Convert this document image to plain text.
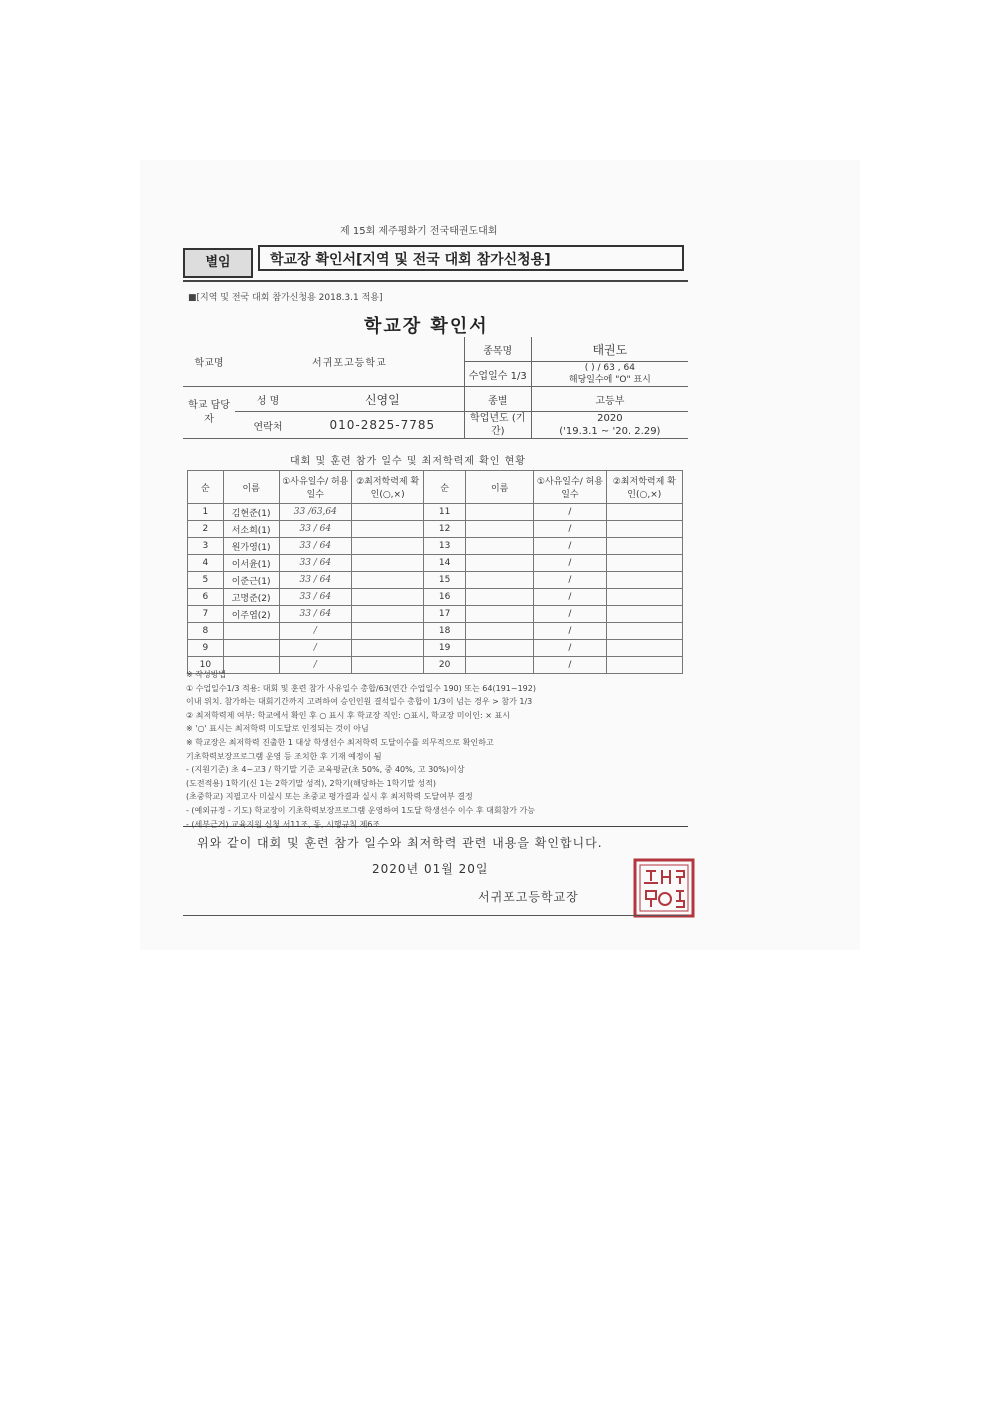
제 15회 제주평화기 전국태권도대회
별임	학교장 확인서[지역 및 전국 대회 참가신청용]
■[지역 및 전국 대회 참가신청용 2018.3.1 적용]
학교장 확인서
학교명	서귀포고등학교		종목명	태권도
			수업일수 1/3	( ) / 63 , 64
해당일수에 "O" 표시

학교 담당자	성 명	신영일	종별	고등부
	연락처	010-2825-7785	학업년도 (기간)	2020
('19.3.1 ~ '20. 2.29)
대회 및 훈련 참가 일수 및 최저학력제 확인 현황
순	이름	①사유일수/ 허용일수	②최저학력제 확인(○,×)	순	이름	①사유일수/ 허용일수	②최저학력제 확인(○,×)
1	김현준(1)	33 /63,64		11		/	
2	서소희(1)	33 / 64		12		/	
3	원가영(1)	33 / 64		13		/	
4	이서윤(1)	33 / 64		14		/	
5	이준근(1)	33 / 64		15		/	
6	고명준(2)	33 / 64		16		/	
7	이주엽(2)	33 / 64		17		/	
8		/		18		/	
9		/		19		/	
10		/		20		/	
※ 작성방법
① 수업일수1/3 적용: 대회 및 훈련 참가 사유일수 총합/63(연간 수업일수 190) 또는 64(191~192)
이내 위치. 참가하는 대회기간까지 고려하여 승인인원 결석일수 총합이 1/3이 넘는 경우 > 참가 1/3
② 최저학력제 여부: 학교에서 확인 후 ○ 표시 후 학교장 직인: ○표시, 학교장 미이인: × 표시
※ '○' 표시는 최저학력 미도달로 인정되는 것이 아님
※ 학교장은 최저학력 진출한 1 대상 학생선수 최저학력 도달이수를 의무적으로 확인하고
기초학력보장프로그램 운영 등 조치한 후 기재 예정이 됨
- (지원기준) 초 4~고3 / 학기말 기준 교육평균(초 50%, 중 40%, 고 30%)이상
(도전적용) 1학기(신 1는 2학기말 성적), 2학기(해당하는 1학기말 성적)
(초중학교) 지필고사 미실시 또는 초중교 평가결과 실시 후 최저학력 도달여부 결정
- (예외규정 - 기도) 학교장이 기초학력보장프로그램 운영하여 1도달 학생선수 이수 후 대회참가 가능
- (세부근거) 교육지원 신청 서11조, 동, 시행규칙 제6조
위와 같이 대회 및 훈련 참가 일수와 최저학력 관련 내용을 확인합니다.
2020년 01월 20일
서귀포고등학교장
